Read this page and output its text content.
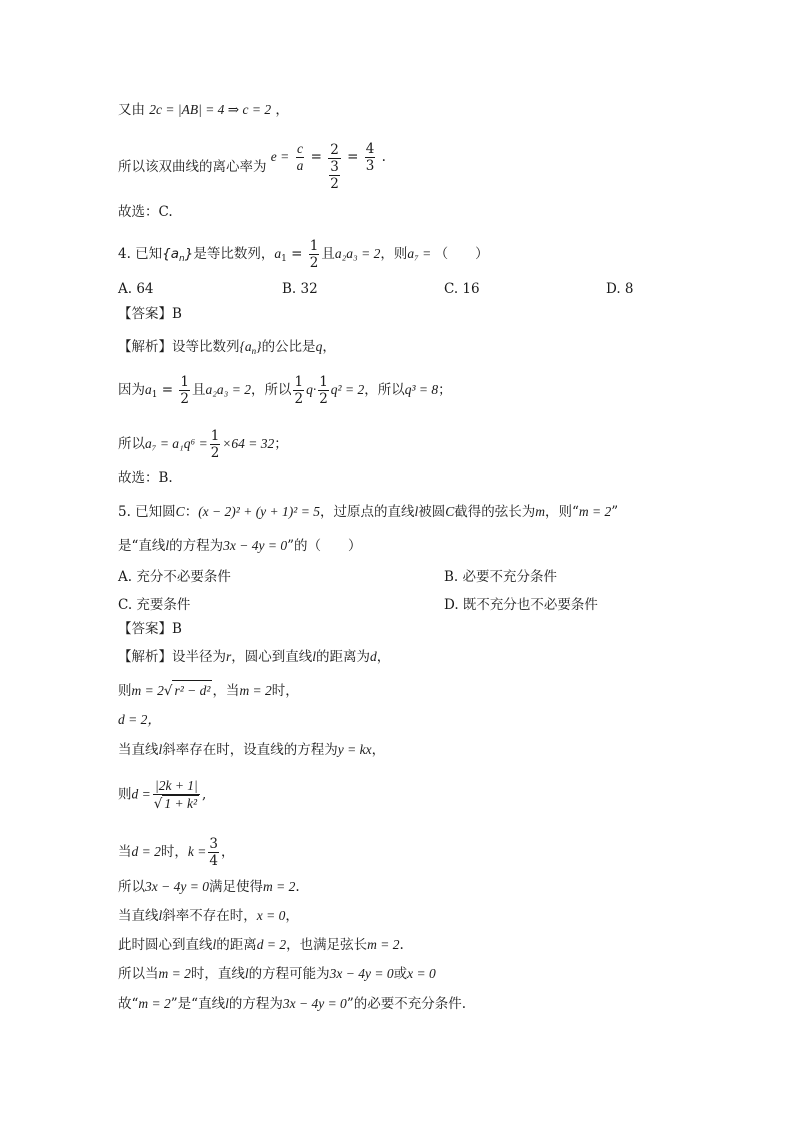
又由 2c = |AB| = 4 ⇒ c = 2 ，
所以该双曲线的离心率为 $e = \frac{c}{a} = \frac{2}{\frac{3}{2}} = \frac{4}{3}$ .
故选：C.
4. 已知$\{a_n\}$是等比数列，$a_1 = \frac{1}{2}$ 且a₂a₃ = 2，则a₇ = （　　）
A. 64	B. 32	C. 16	D. 8
【答案】B
【解析】设等比数列$\{a_n\}$的公比是q，
因为$a_1 = \frac{1}{2}$ 且a₂a₃ = 2，所以 $\frac{1}{2} q\cdot \frac{1}{2} q^2 = 2$，所以q³ = 8；
所以$a_7 = a_1q^6 = \frac{1}{2} \times 64 = 32$；
故选：B.
5. 已知圆C：(x − 2)² + (y + 1)² = 5，过原点的直线l被圆C截得的弦长为m，则“m = 2”
是“直线l的方程为3x − 4y = 0”的（　　）
A. 充分不必要条件	B. 必要不充分条件
C. 充要条件	D. 既不充分也不必要条件
【答案】B
【解析】设半径为r，圆心到直线l的距离为d，
则m = 2√ r² − d² ，当m = 2时，
d = 2，
当直线l斜率存在时，设直线的方程为y = kx，
则$d = \frac{|2k + 1|}{\text{√ 1 + k²}}$ ,
当d = 2时，$k = \frac{3}{4}$ ，
所以3x − 4y = 0满足使得m = 2.
当直线l斜率不存在时，x = 0，
此时圆心到直线l的距离d = 2，也满足弦长m = 2.
所以当m = 2时，直线l的方程可能为3x − 4y = 0或x = 0
故“m = 2”是“直线l的方程为3x − 4y = 0”的必要不充分条件.
